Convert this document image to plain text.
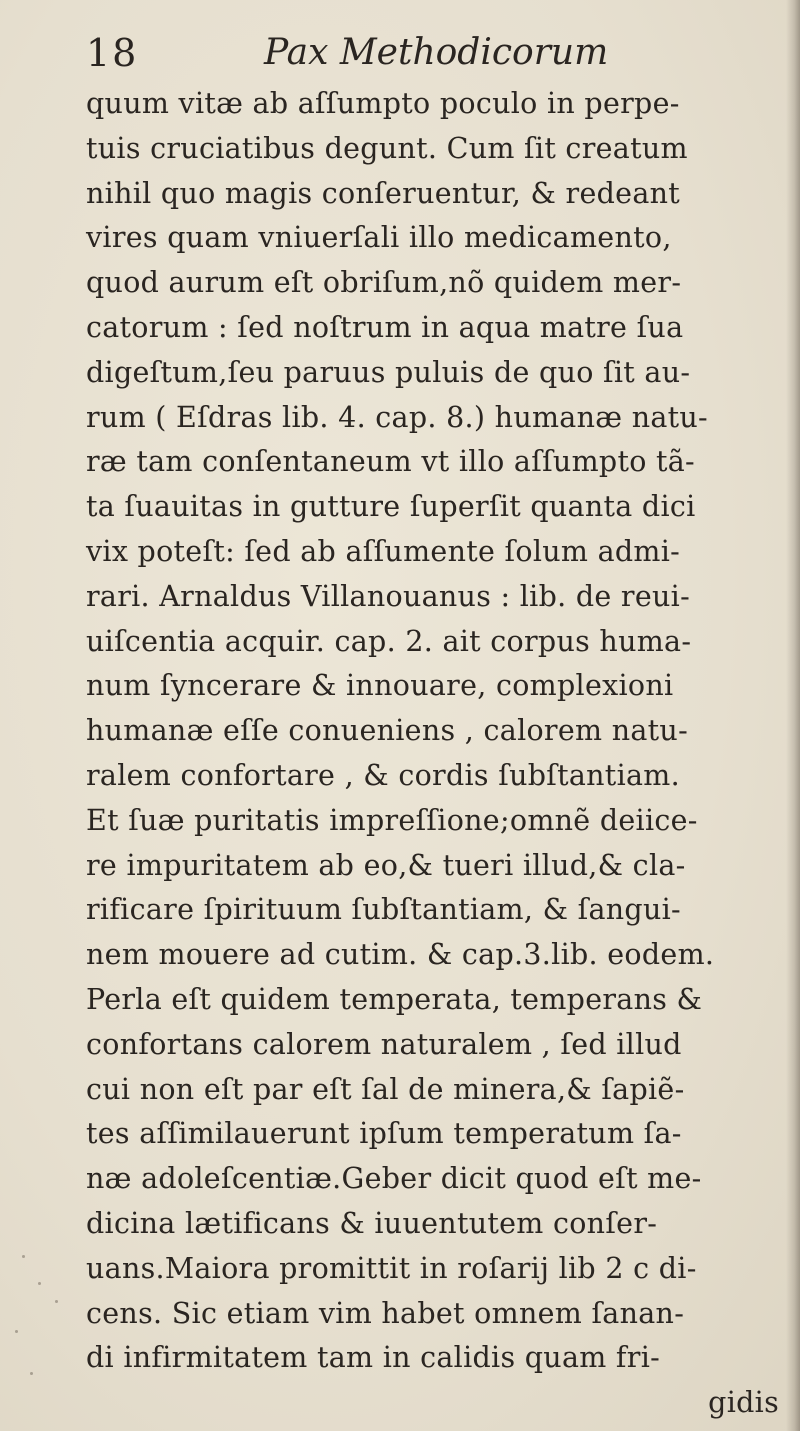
18	Pax Methodicorum
quum vitæ ab aſſumpto poculo in perpe-
tuis cruciatibus degunt. Cum ſit creatum
nihil quo magis conſeruentur, & redeant
vires quam vniuerſali illo medicamento,
quod aurum eſt obriſum,nõ quidem mer-
catorum : ſed noſtrum in aqua matre ſua
digeſtum,ſeu paruus puluis de quo ſit au-
rum ( Eſdras lib. 4. cap. 8.) humanæ natu-
ræ tam conſentaneum vt illo aſſumpto tã-
ta ſuauitas in gutture ſuperſit quanta dici
vix poteſt: ſed ab aſſumente ſolum admi-
rari. Arnaldus Villanouanus : lib. de reui-
uiſcentia acquir. cap. 2. ait corpus huma-
num ſyncerare & innouare, complexioni
humanæ eſſe conueniens , calorem natu-
ralem confortare , & cordis ſubſtantiam.
Et ſuæ puritatis impreſſione;omnẽ deiice-
re impuritatem ab eo,& tueri illud,& cla-
rificare ſpirituum ſubſtantiam, & ſangui-
nem mouere ad cutim. & cap.3.lib. eodem.
Perla eſt quidem temperata, temperans &
confortans calorem naturalem , ſed illud
cui non eſt par eſt ſal de minera,& ſapiẽ-
tes aſſimilauerunt ipſum temperatum ſa-
næ adoleſcentiæ.Geber dicit quod eſt me-
dicina lætificans & iuuentutem conſer-
uans.Maiora promittit in roſarij lib 2 c di-
cens. Sic etiam vim habet omnem ſanan-
di infirmitatem tam in calidis quam fri-
gidis
